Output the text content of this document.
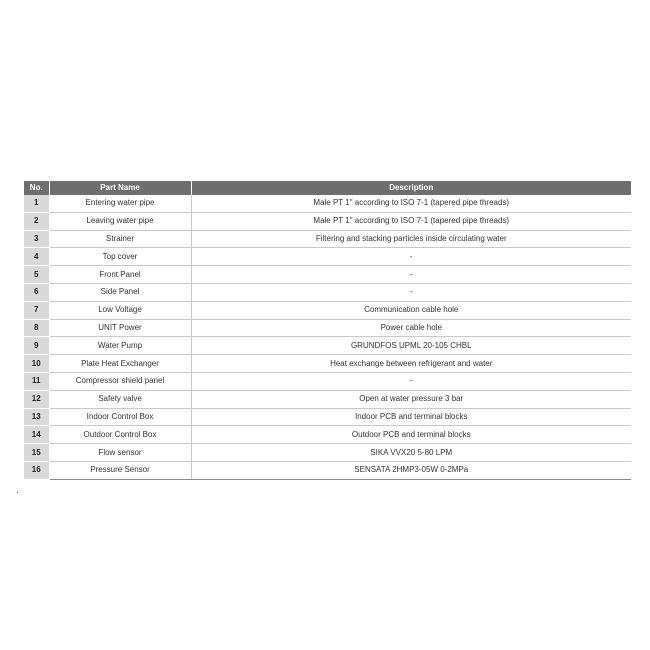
No.	Part Name	Description
1	Entering water pipe	Male PT 1" according to ISO 7-1 (tapered pipe threads)
2	Leaving water pipe	Male PT 1" according to ISO 7-1 (tapered pipe threads)
3	Strainer	Filtering and stacking particles inside circulating water
4	Top cover	-
5	Front Panel	-
6	Side Panel	-
7	Low Voltage	Communication cable hole
8	UNIT Power	Power cable hole
9	Water Pump	GRUNDFOS UPML 20-105 CHBL
10	Plate Heat Exchanger	Heat exchange between refrigerant and water
11	Compressor shield panel	-
12	Safety valve	Open at water pressure 3 bar
13	Indoor Control Box	Indoor PCB and terminal blocks
14	Outdoor Control Box	Outdoor PCB and terminal blocks
15	Flow sensor	SIKA VVX20 5-80 LPM
16	Pressure Sensor	SENSATA 2HMP3-05W 0-2MPa
